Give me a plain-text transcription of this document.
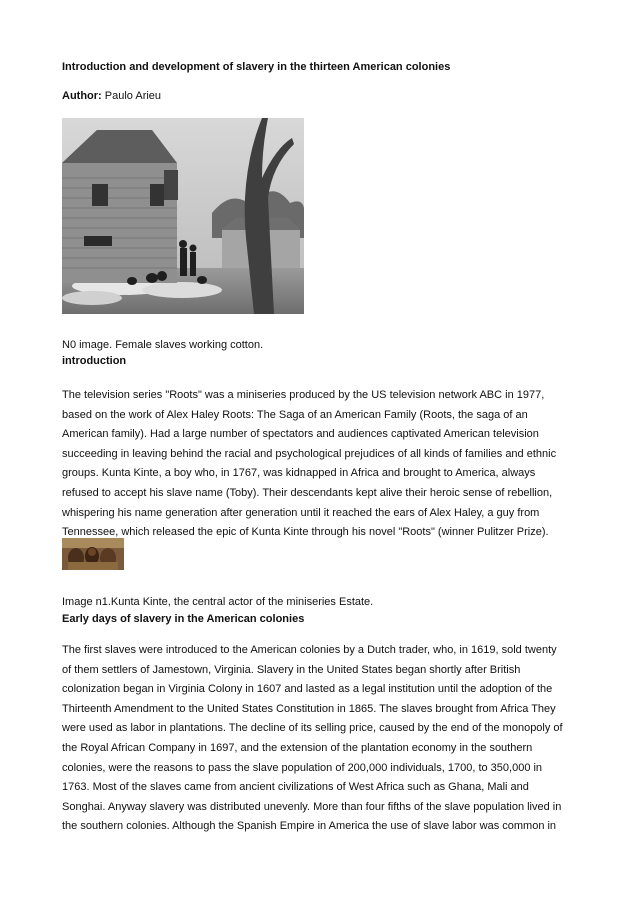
Introduction and development of slavery in the thirteen American colonies
Author: Paulo Arieu
N0 image. Female slaves working cotton.
introduction

The television series "Roots" was a miniseries produced by the US television network ABC in 1977,

based on the work of Alex Haley Roots: The Saga of an American Family (Roots, the saga of an

American family). Had a large number of spectators and audiences captivated American television

succeeding in leaving behind the racial and psychological prejudices of all kinds of families and ethnic

groups. Kunta Kinte, a boy who, in 1767, was kidnapped in Africa and brought to America, always

refused to accept his slave name (Toby). Their descendants kept alive their heroic sense of rebellion,

whispering his name generation after generation until it reached the ears of Alex Haley, a guy from

Tennessee, which released the epic of Kunta Kinte through his novel "Roots" (winner Pulitzer Prize).

Image n1.Kunta Kinte, the central actor of the miniseries Estate.
Early days of slavery in the American colonies

The first slaves were introduced to the American colonies by a Dutch trader, who, in 1619, sold twenty

of them settlers of Jamestown, Virginia. Slavery in the United States began shortly after British

colonization began in Virginia Colony in 1607 and lasted as a legal institution until the adoption of the

Thirteenth Amendment to the United States Constitution in 1865. The slaves brought from Africa They

were used as labor in plantations. The decline of its selling price, caused by the end of the monopoly of

the Royal African Company in 1697, and the extension of the plantation economy in the southern

colonies, were the reasons to pass the slave population of 200,000 individuals, 1700, to 350,000 in

1763. Most of the slaves came from ancient civilizations of West Africa such as Ghana, Mali and

Songhai. Anyway slavery was distributed unevenly. More than four fifths of the slave population lived in

the southern colonies. Although the Spanish Empire in America the use of slave labor was common in
